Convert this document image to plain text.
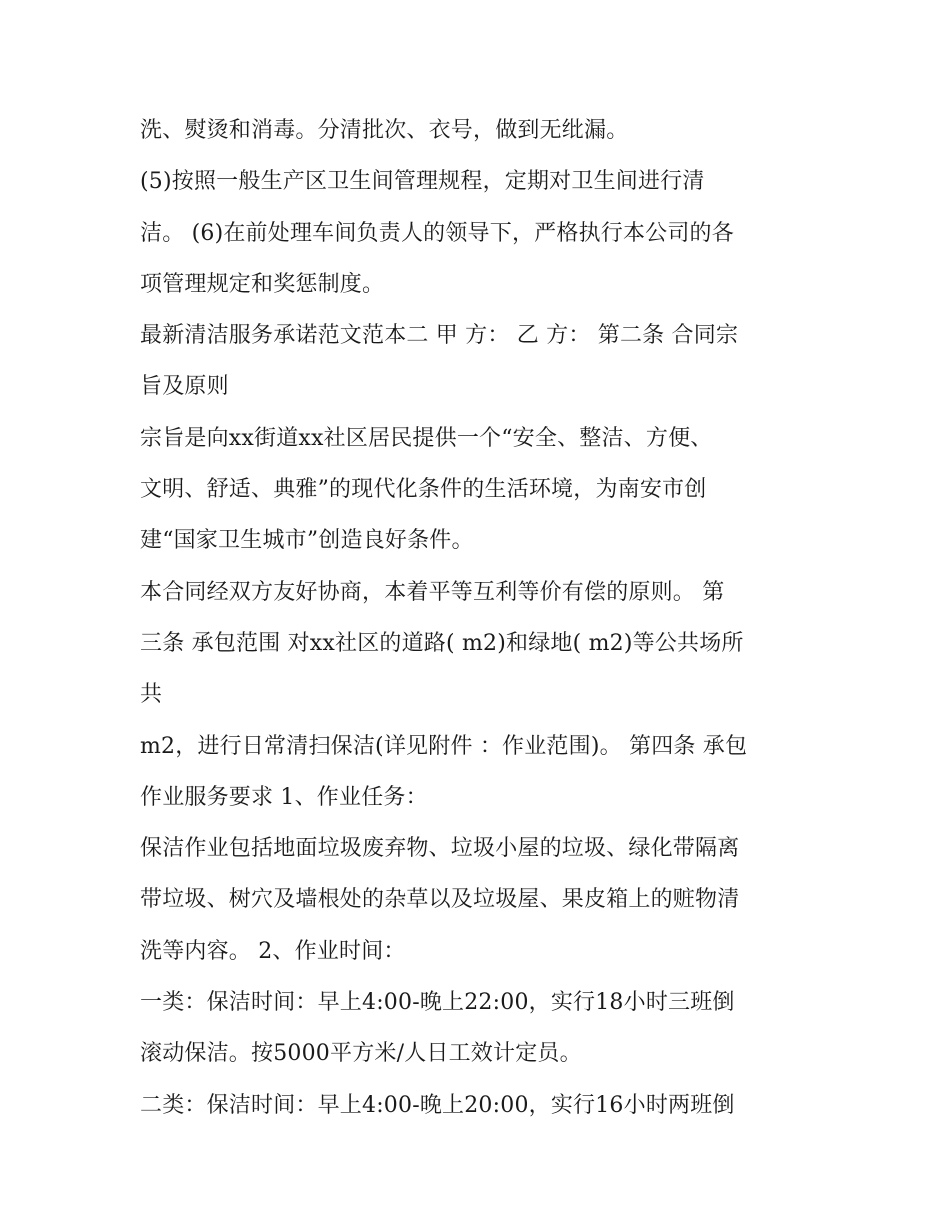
洗、熨烫和消毒。分清批次、衣号，做到无纰漏。
(5)按照一般生产区卫生间管理规程，定期对卫生间进行清
洁。 (6)在前处理车间负责人的领导下，严格执行本公司的各
项管理规定和奖惩制度。
最新清洁服务承诺范文范本二 甲 方： 乙 方： 第二条 合同宗
旨及原则
宗旨是向xx街道xx社区居民提供一个“安全、整洁、方便、
文明、舒适、典雅”的现代化条件的生活环境，为南安市创
建“国家卫生城市”创造良好条件。
本合同经双方友好协商，本着平等互利等价有偿的原则。 第
三条 承包范围 对xx社区的道路( m2)和绿地( m2)等公共场所
共
m2，进行日常清扫保洁(详见附件 ：作业范围)。 第四条 承包
作业服务要求 1、作业任务：
保洁作业包括地面垃圾废弃物、垃圾小屋的垃圾、绿化带隔离
带垃圾、树穴及墙根处的杂草以及垃圾屋、果皮箱上的赃物清
洗等内容。 2、作业时间：
一类：保洁时间：早上4:00-晚上22:00，实行18小时三班倒
滚动保洁。按5000平方米/人日工效计定员。
二类：保洁时间：早上4:00-晚上20:00，实行16小时两班倒
